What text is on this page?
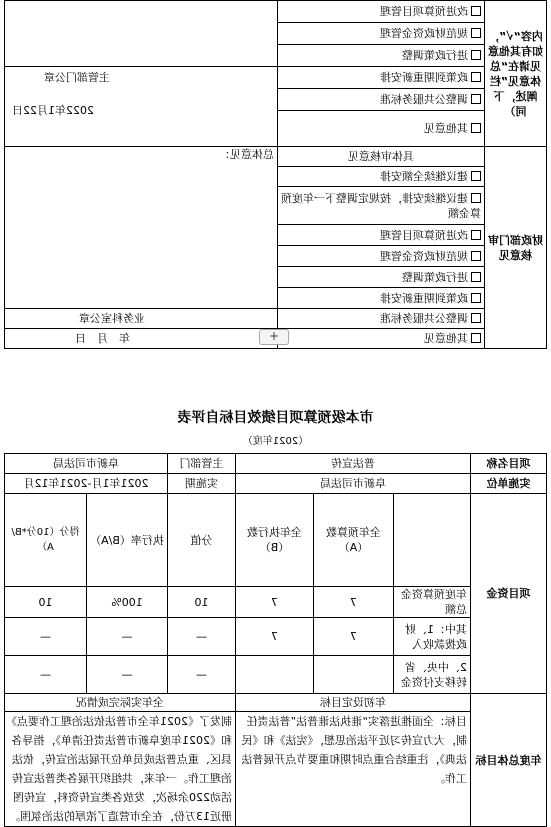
内容“√”，如有其他意见请在“总体意见”栏阐述，下同）	改进预算项目管理	
	规范财政资金管理	
	进行政策调整	
	政策到期重新安排	主管部门公章
2022年1月22日

	调整公共服务标准	
	其他意见	
财政部门审核意见	具体审核意见	总体意见：
	建议继续全额安排	
	建议继续安排，按规定调整下一年度预算金额	
	改进预算项目管理	
	规范财政资金管理	
	进行政策调整	
	政策到期重新安排	

	调整公共服务标准	业务科室公章
	其他意见	年　月　日
市本级预算项目绩效目标自评表
（2021年度）
项目名称	普法宣传			主管部门	阜新市司法局	
实施单位	阜新市司法局			实施期	2021年1月-2021年12月	
项目资金		全年预算数（A）	全年执行数（B）	分值	执行率（B/A）	得分（10分*B/A）
	年度预算资金总额	7	7	10	100%	10
	其中：1、财政拨款收入	7	7	—	—	—
	2、中央、省转移支付资金			—	—	—
年度总体目标	年初设定目标			全年实际完成情况		
	目标：全面推进落实“谁执法谁普法”普法责任制，大力宣传习近平法治思想，《宪法》和《民法典》，注重结合重点时期和重要节点开展普法工作。			制发了《2021年全市普法依法治理工作要点》和《2021年度阜新市普法责任清单》，指导各县区、重点普法成员单位开展法治宣传，依法治理工作。一年来，共组织开展各类普法宣传活动220余场次，发放各类宣传资料，宣传图册近13万份，在全市营造了浓厚的法治氛围。		
+
